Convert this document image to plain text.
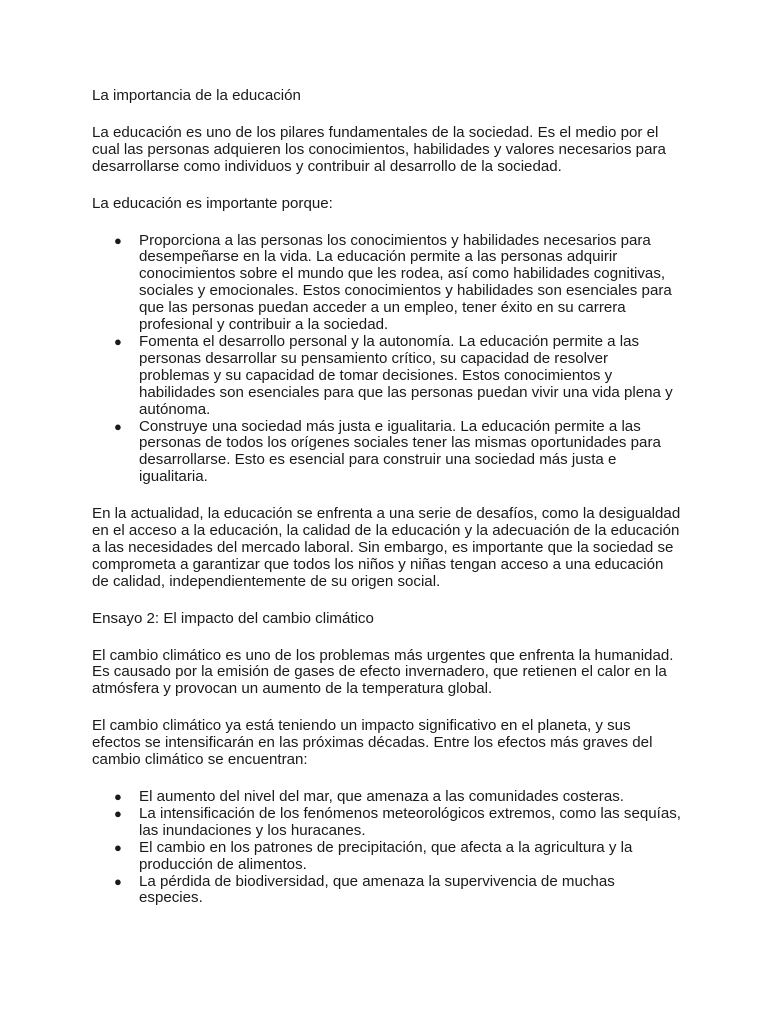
La importancia de la educación

La educación es uno de los pilares fundamentales de la sociedad. Es el medio por el cual las personas adquieren los conocimientos, habilidades y valores necesarios para desarrollarse como individuos y contribuir al desarrollo de la sociedad.

La educación es importante porque:

● Proporciona a las personas los conocimientos y habilidades necesarios para desempeñarse en la vida. La educación permite a las personas adquirir conocimientos sobre el mundo que les rodea, así como habilidades cognitivas, sociales y emocionales. Estos conocimientos y habilidades son esenciales para que las personas puedan acceder a un empleo, tener éxito en su carrera profesional y contribuir a la sociedad.
● Fomenta el desarrollo personal y la autonomía. La educación permite a las personas desarrollar su pensamiento crítico, su capacidad de resolver problemas y su capacidad de tomar decisiones. Estos conocimientos y habilidades son esenciales para que las personas puedan vivir una vida plena y autónoma.
● Construye una sociedad más justa e igualitaria. La educación permite a las personas de todos los orígenes sociales tener las mismas oportunidades para desarrollarse. Esto es esencial para construir una sociedad más justa e igualitaria.

En la actualidad, la educación se enfrenta a una serie de desafíos, como la desigualdad en el acceso a la educación, la calidad de la educación y la adecuación de la educación a las necesidades del mercado laboral. Sin embargo, es importante que la sociedad se comprometa a garantizar que todos los niños y niñas tengan acceso a una educación de calidad, independientemente de su origen social.

Ensayo 2: El impacto del cambio climático

El cambio climático es uno de los problemas más urgentes que enfrenta la humanidad. Es causado por la emisión de gases de efecto invernadero, que retienen el calor en la atmósfera y provocan un aumento de la temperatura global.

El cambio climático ya está teniendo un impacto significativo en el planeta, y sus efectos se intensificarán en las próximas décadas. Entre los efectos más graves del cambio climático se encuentran:

● El aumento del nivel del mar, que amenaza a las comunidades costeras.
● La intensificación de los fenómenos meteorológicos extremos, como las sequías, las inundaciones y los huracanes.
● El cambio en los patrones de precipitación, que afecta a la agricultura y la producción de alimentos.
● La pérdida de biodiversidad, que amenaza la supervivencia de muchas especies.
